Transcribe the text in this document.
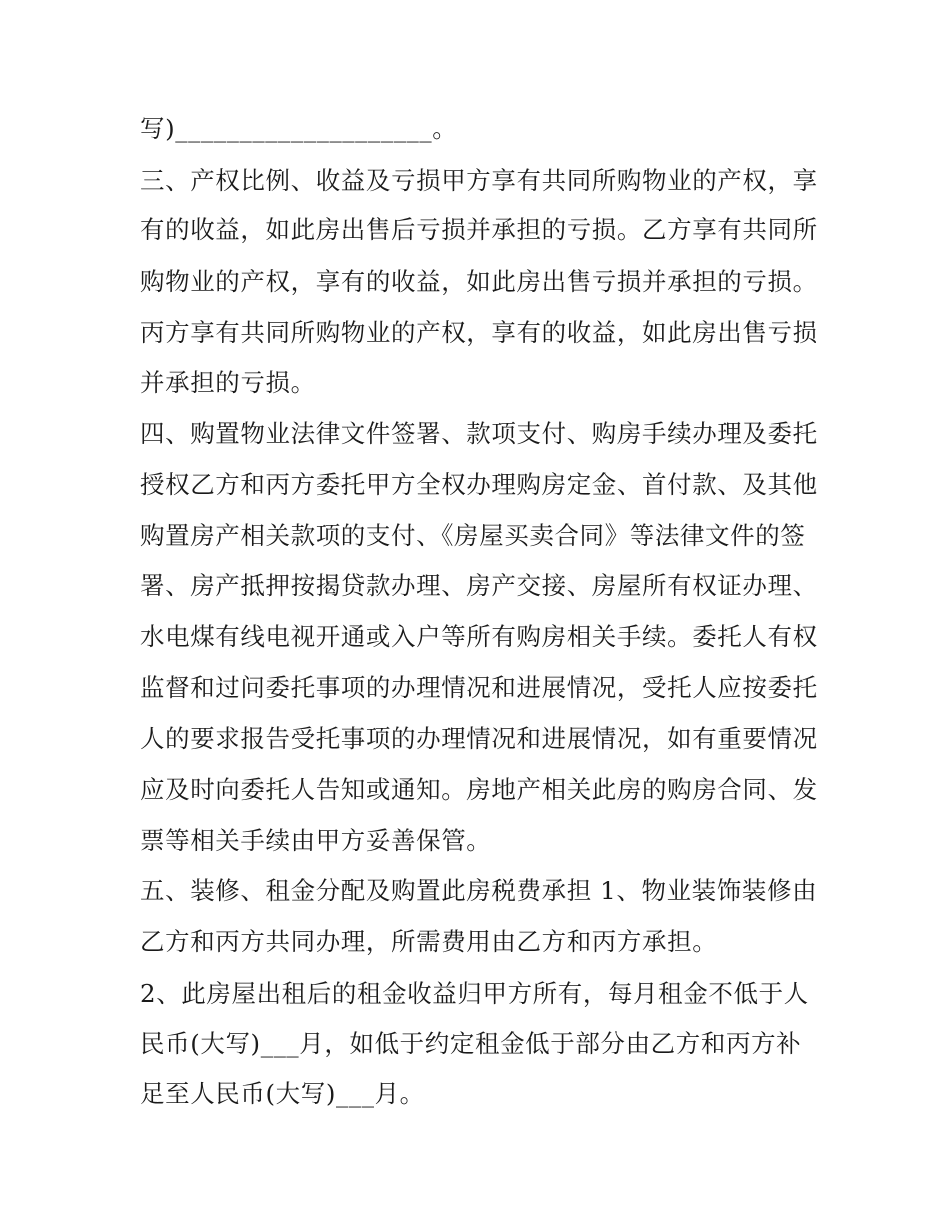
写)____________________。
三、产权比例、收益及亏损甲方享有共同所购物业的产权，享
有的收益，如此房出售后亏损并承担的亏损。乙方享有共同所
购物业的产权，享有的收益，如此房出售亏损并承担的亏损。
丙方享有共同所购物业的产权，享有的收益，如此房出售亏损
并承担的亏损。
四、购置物业法律文件签署、款项支付、购房手续办理及委托
授权乙方和丙方委托甲方全权办理购房定金、首付款、及其他
购置房产相关款项的支付、《房屋买卖合同》等法律文件的签
署、房产抵押按揭贷款办理、房产交接、房屋所有权证办理、
水电煤有线电视开通或入户等所有购房相关手续。委托人有权
监督和过问委托事项的办理情况和进展情况，受托人应按委托
人的要求报告受托事项的办理情况和进展情况，如有重要情况
应及时向委托人告知或通知。房地产相关此房的购房合同、发
票等相关手续由甲方妥善保管。
五、装修、租金分配及购置此房税费承担 1、物业装饰装修由
乙方和丙方共同办理，所需费用由乙方和丙方承担。
2、此房屋出租后的租金收益归甲方所有，每月租金不低于人
民币(大写)___月，如低于约定租金低于部分由乙方和丙方补
足至人民币(大写)___月。
